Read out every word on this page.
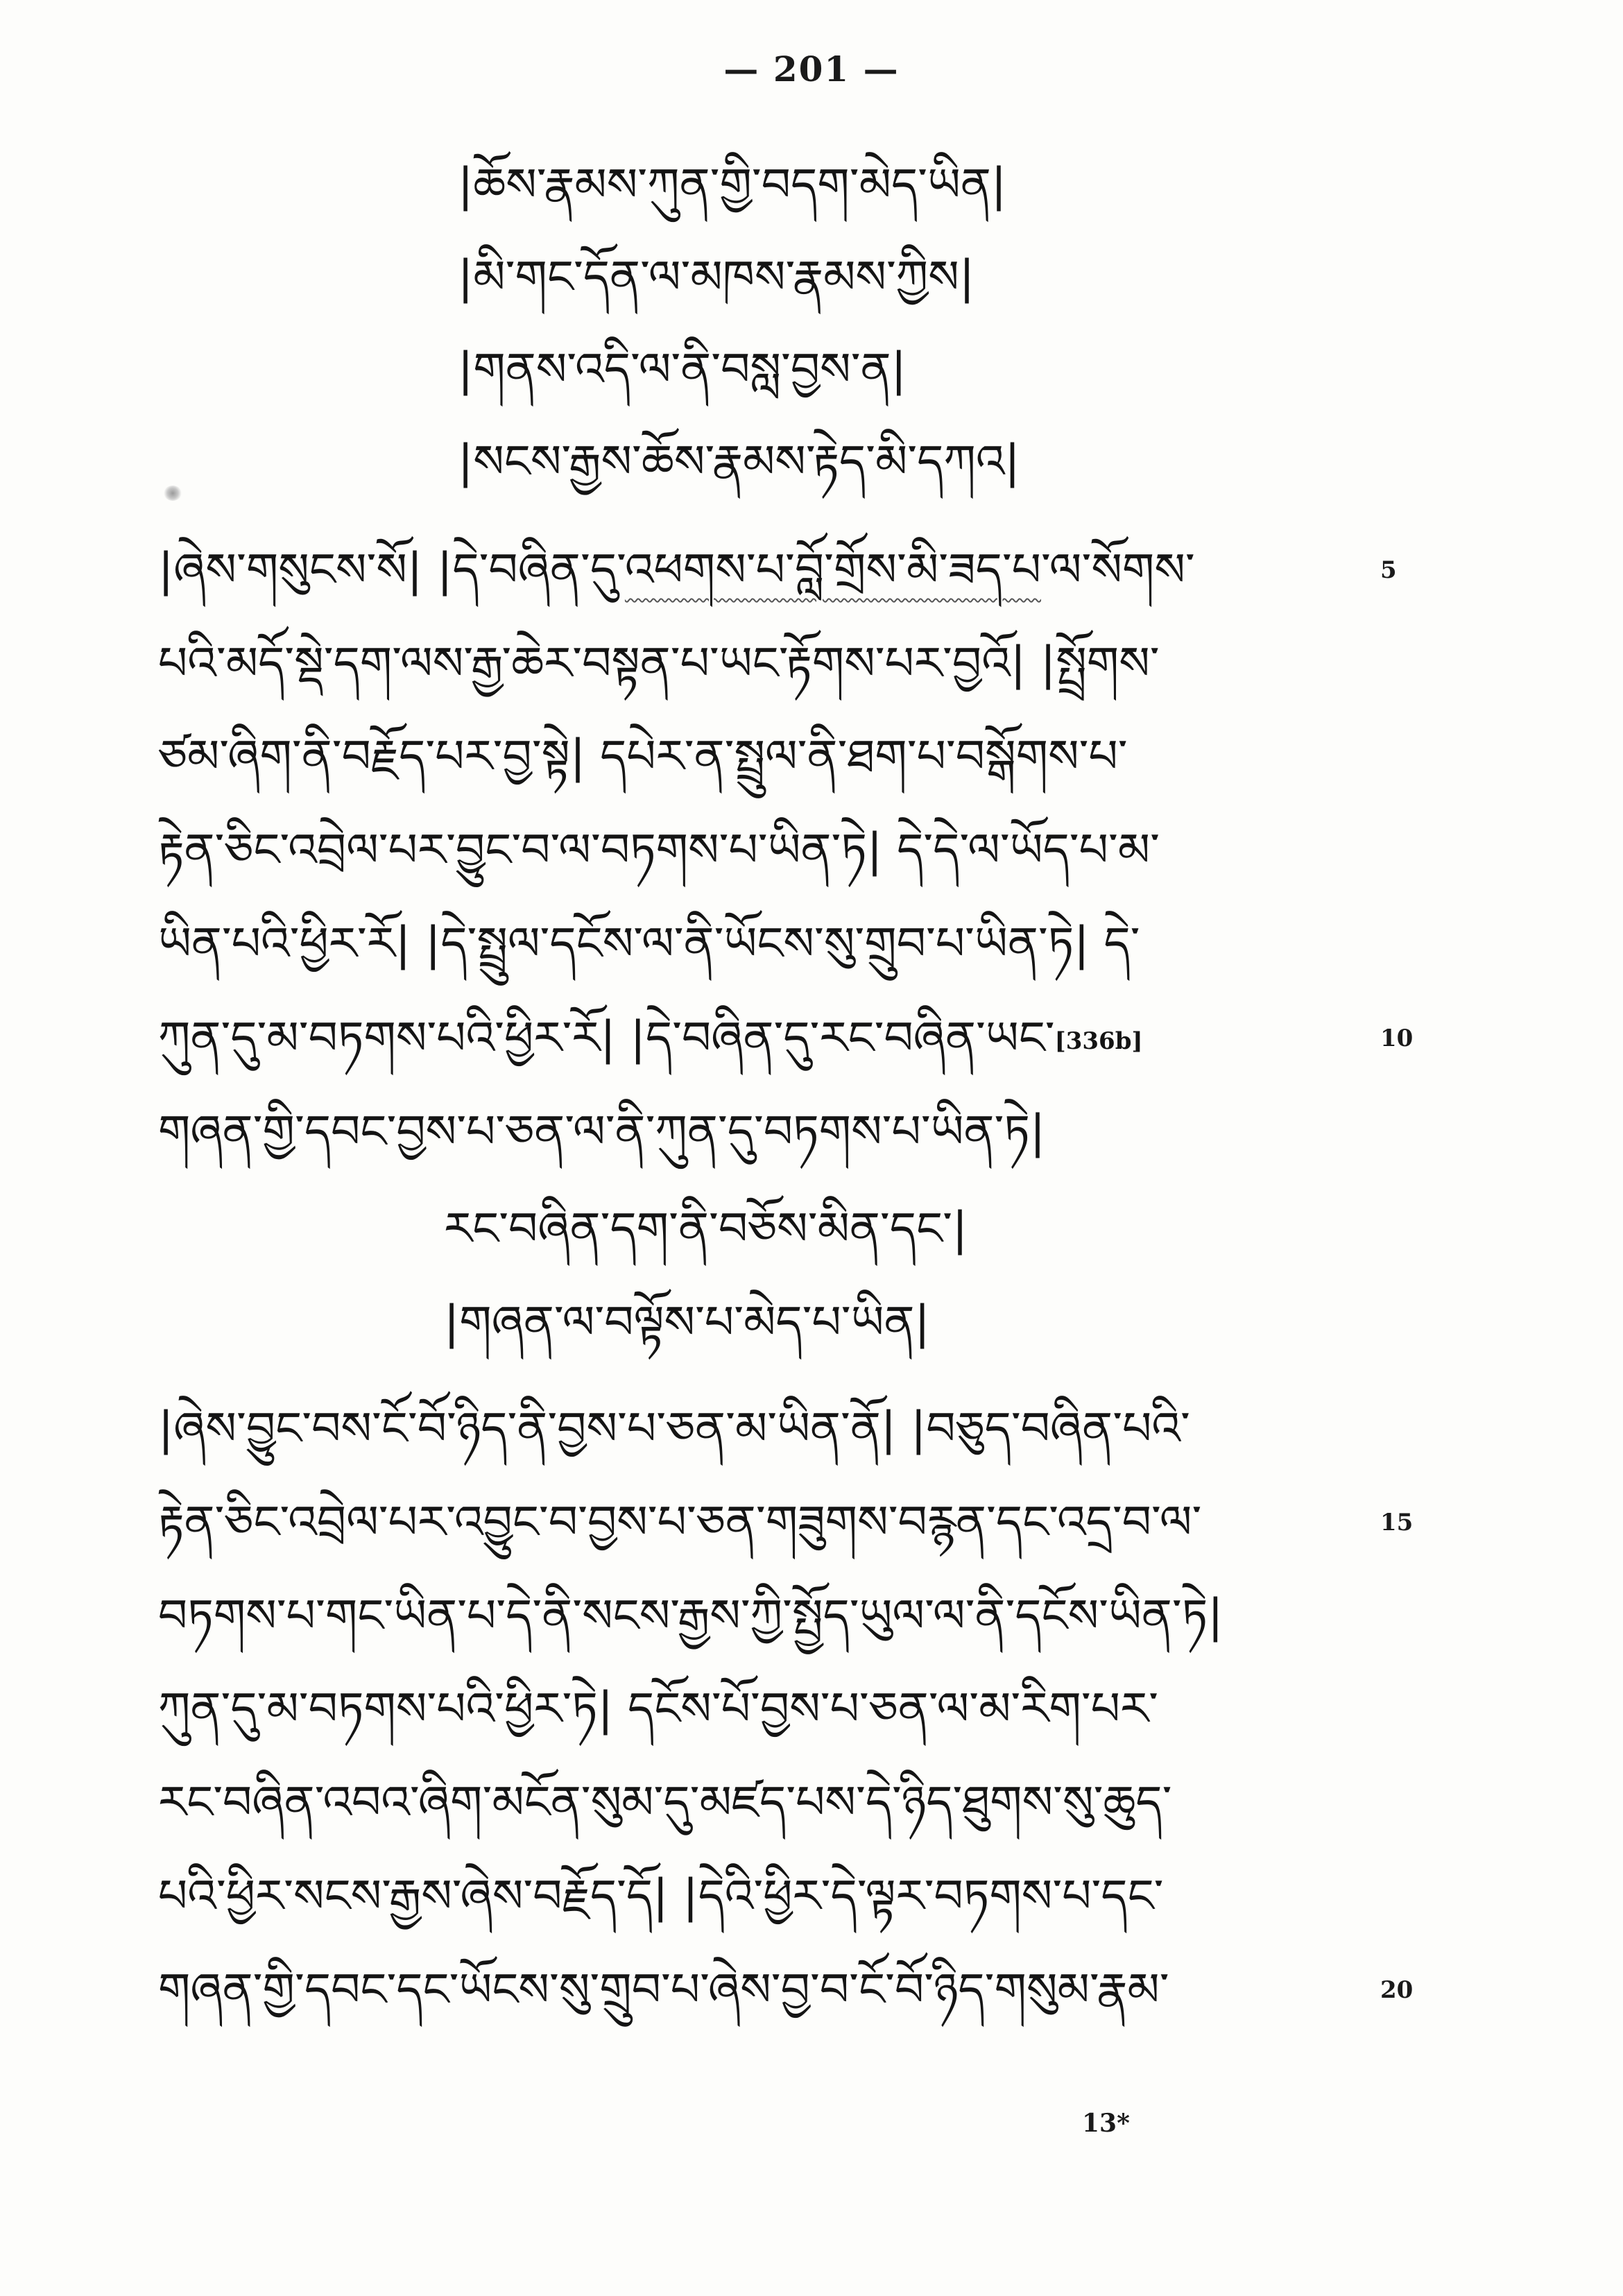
— 201 —
|ཆོས་རྣམས་ཀུན་གྱི་བདག་མེད་ཡིན|
|མི་གང་དོན་ལ་མཁས་རྣམས་ཀྱིས|
|གནས་འདི་ལ་ནི་བསླ་བྱས་ན|
|སངས་རྒྱས་ཆོས་རྣམས་རྟེད་མི་དཀའ|
|ཞེས་གསུངས་སོ| |དེ་བཞིན་དུ་འཕགས་པ་བློ་གྲོས་མི་ཟད་པ་ལ་སོགས་	5
པའི་མདོ་སྡེ་དག་ལས་རྒྱ་ཆེར་བསྟན་པ་ཡང་རྟོགས་པར་བྱའོ| |སྤྲོགས་
ཙམ་ཞིག་ནི་བརྗོད་པར་བྱ་སྟེ| དཔེར་ན་སྤྲུལ་ནི་ཐག་པ་བསྒོགས་པ་
རྟེན་ཅིང་འབྲེལ་པར་བྱུང་བ་ལ་བཏགས་པ་ཡིན་ཏེ| དེ་དེ་ལ་ཡོད་པ་མ་
ཡིན་པའི་ཕྱིར་རོ| |དེ་སྤྲུལ་དངོས་ལ་ནི་ཡོངས་སུ་གྲུབ་པ་ཡིན་ཏེ| དེ་
ཀུན་དུ་མ་བཏགས་པའི་ཕྱིར་རོ| |དེ་བཞིན་དུ་རང་བཞིན་ཡང་[336b]	10
གཞན་གྱི་དབང་བྱས་པ་ཅན་ལ་ནི་ཀུན་དུ་བཏགས་པ་ཡིན་ཏེ|
རང་བཞིན་དག་ནི་བཅོས་མིན་དང་|
|གཞན་ལ་བལྟོས་པ་མེད་པ་ཡིན|
|ཞེས་བྱུང་བས་ངོ་བོ་ཉིད་ནི་བྱས་པ་ཅན་མ་ཡིན་ནོ| |བཅུད་བཞིན་པའི་
རྟེན་ཅིང་འབྲེལ་པར་འབྱུང་བ་བྱས་པ་ཅན་གཟུགས་བརྙན་དང་འདྲ་བ་ལ་	15
བཏགས་པ་གང་ཡིན་པ་དེ་ནི་སངས་རྒྱས་ཀྱི་སྤྱོད་ཡུལ་ལ་ནི་དངོས་ཡིན་ཏེ|
ཀུན་དུ་མ་བཏགས་པའི་ཕྱིར་ཏེ| དངོས་པོ་བྱས་པ་ཅན་ལ་མ་རིག་པར་
རང་བཞིན་འབའ་ཞིག་མངོན་སུམ་དུ་མཛད་པས་དེ་ཉིད་ཐུགས་སུ་ཆུད་
པའི་ཕྱིར་སངས་རྒྱས་ཞེས་བརྗོད་དོ| |དེའི་ཕྱིར་དེ་ལྟར་བཏགས་པ་དང་
གཞན་གྱི་དབང་དང་ཡོངས་སུ་གྲུབ་པ་ཞེས་བྱ་བ་ངོ་བོ་ཉིད་གསུམ་རྣམ་	20
13*
